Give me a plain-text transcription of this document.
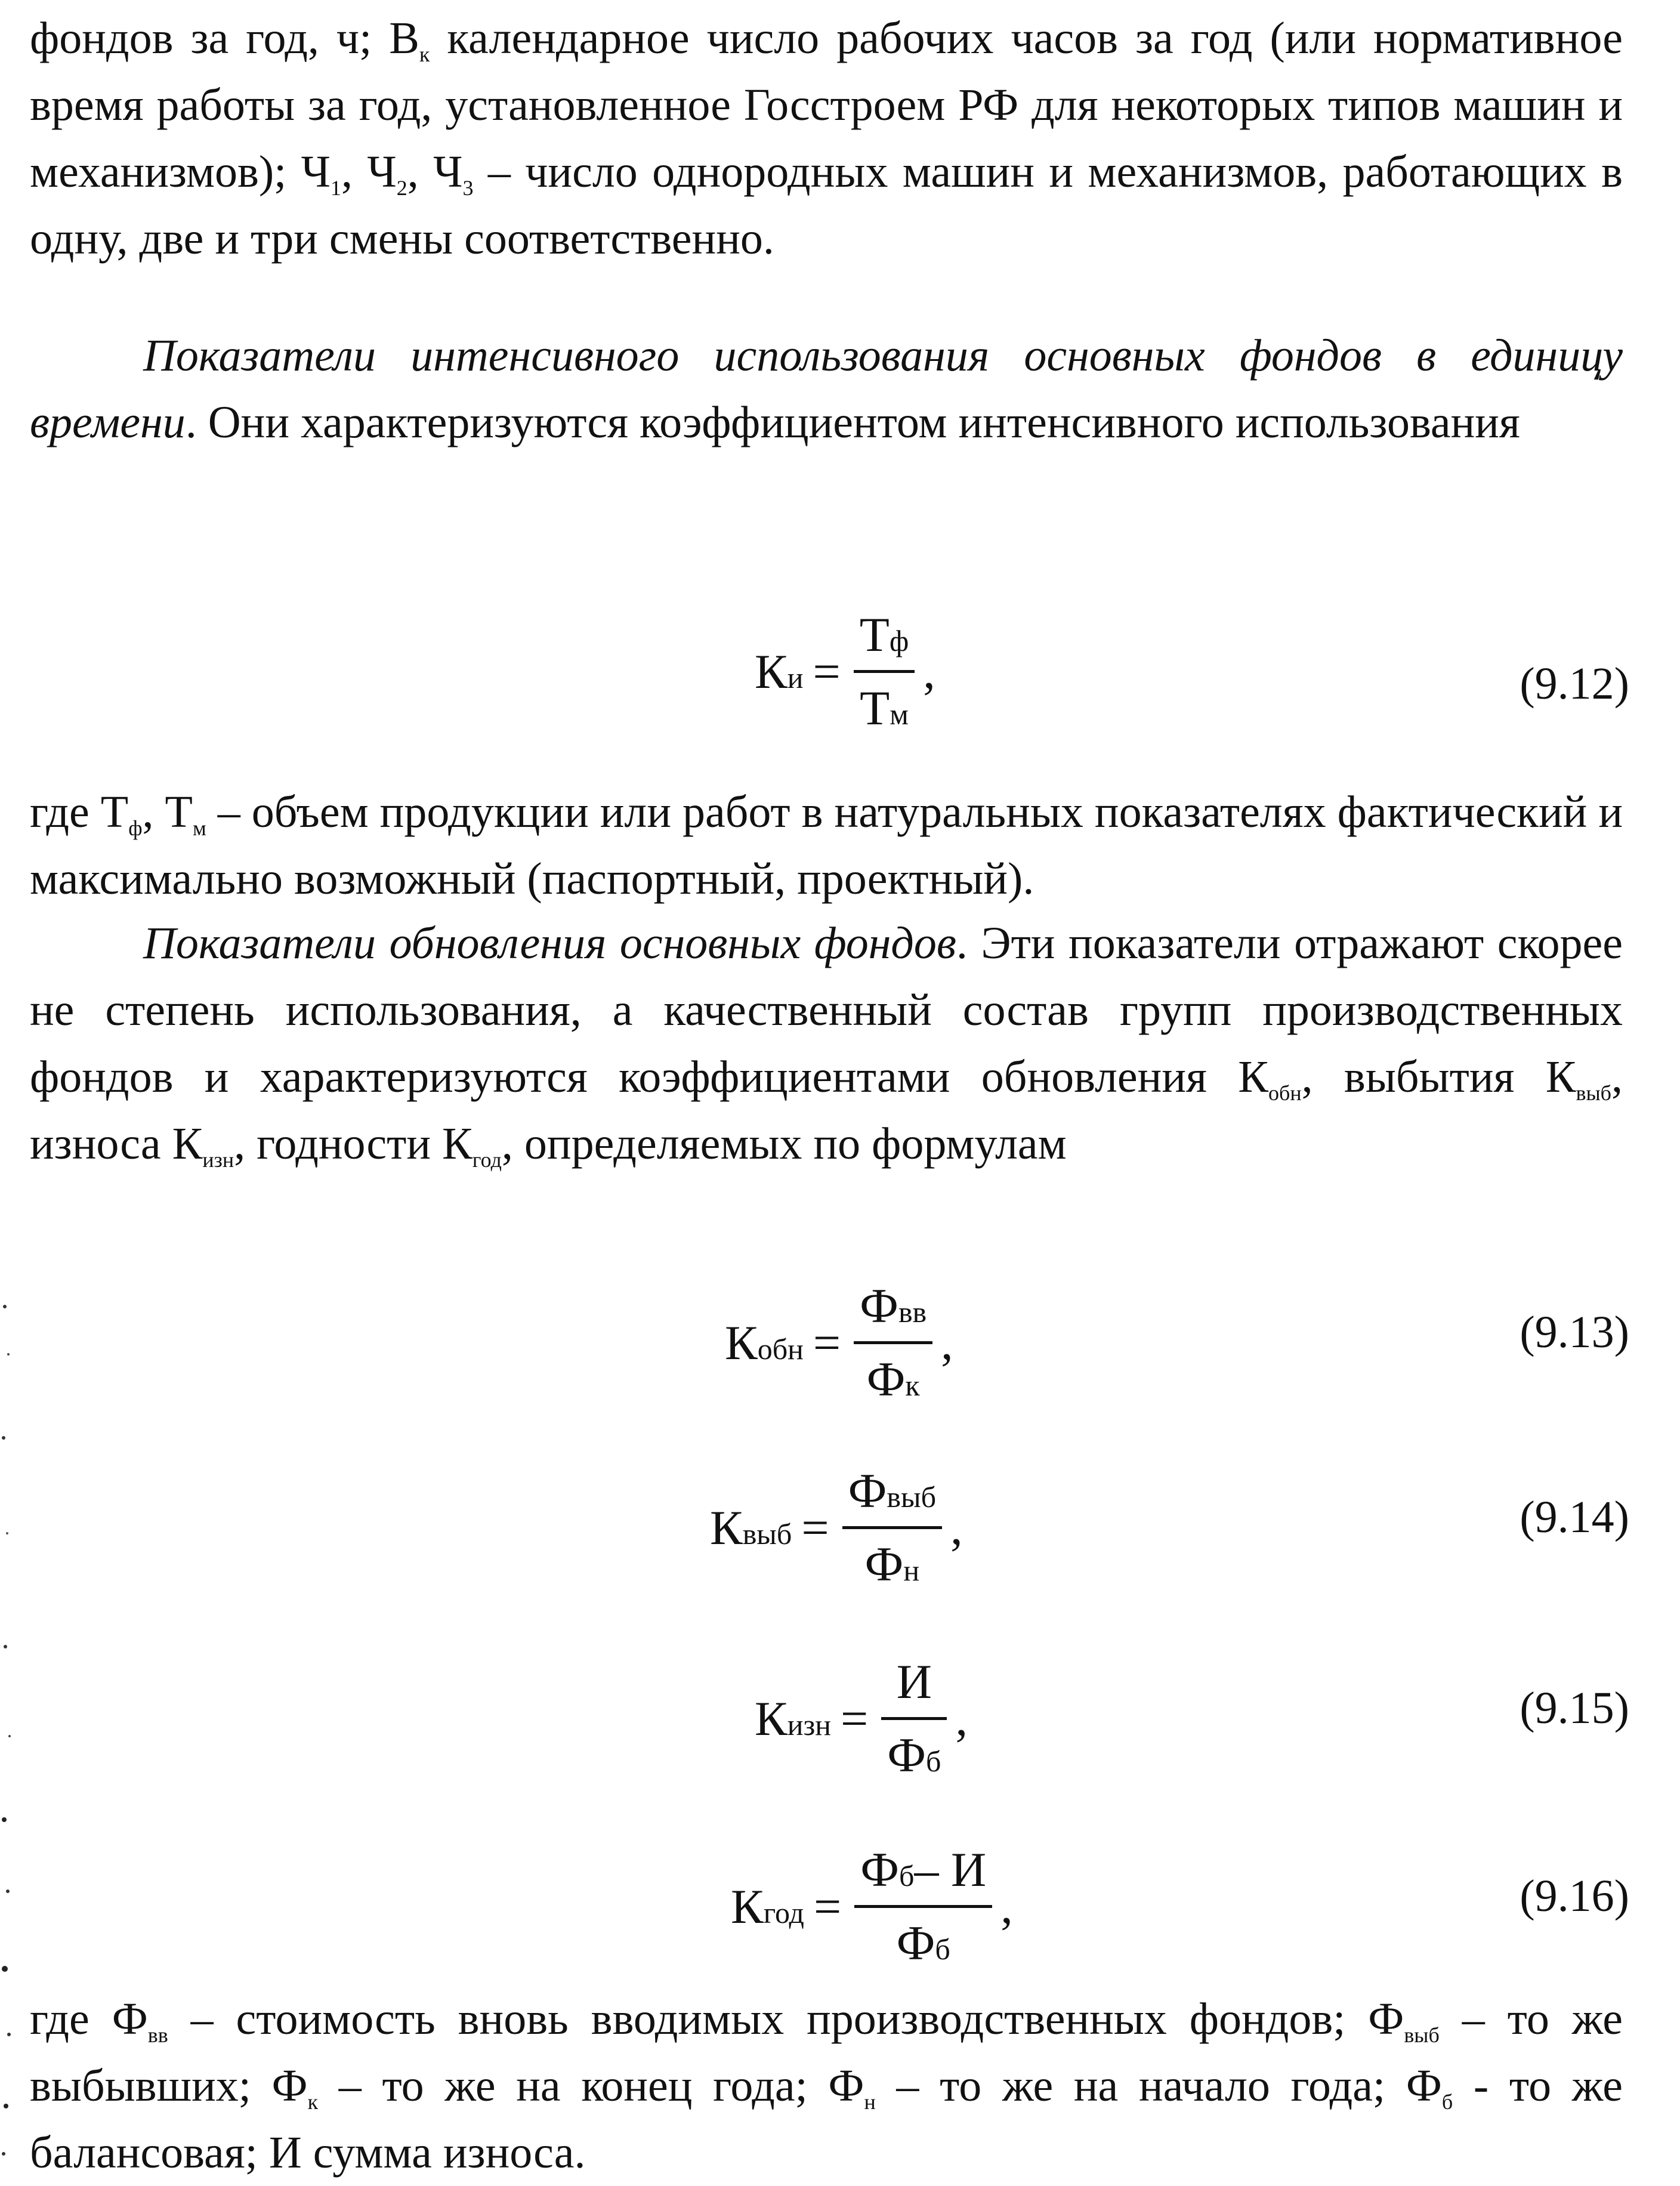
фондов за год, ч; $В_к$ календарное число рабочих часов за год (или нормативное время работы за год, установленное Госстроем РФ для некоторых типов машин и механизмов); $Ч_1$, $Ч_2$, $Ч_3$ – число однородных машин и механизмов, работающих в одну, две и три смены соответственно.
Показатели интенсивного использования основных фондов в единицу времени. Они характеризуются коэффициентом интенсивного использования
К и =
Т ф
Т м
,	(9.12)
где $Т_ф$, $Т_м$ – объем продукции или работ в натуральных показателях фактический и максимально возможный (паспортный, проектный).
Показатели обновления основных фондов. Эти показатели отражают скорее не степень использования, а качественный состав групп производственных фондов и характеризуются коэффициентами обновления $К_{обн}$, выбытия $К_{выб}$, износа $К_{изн}$, годности $К_{год}$, определяемых по формулам
К обн =
Ф вв
Ф к
,	(9.13)
К выб =
Ф выб
Ф н
,	(9.14)
К изн =
И
Ф б
,	(9.15)
К год =
Ф б – И
Ф б
,	(9.16)
где $Ф_{вв}$ – стоимость вновь вводимых производственных фондов; $Ф_{выб}$ – то же выбывших; $Ф_к$ – то же на конец года; $Ф_н$ – то же на начало года; $Ф_б$ - то же балансовая; И сумма износа.
